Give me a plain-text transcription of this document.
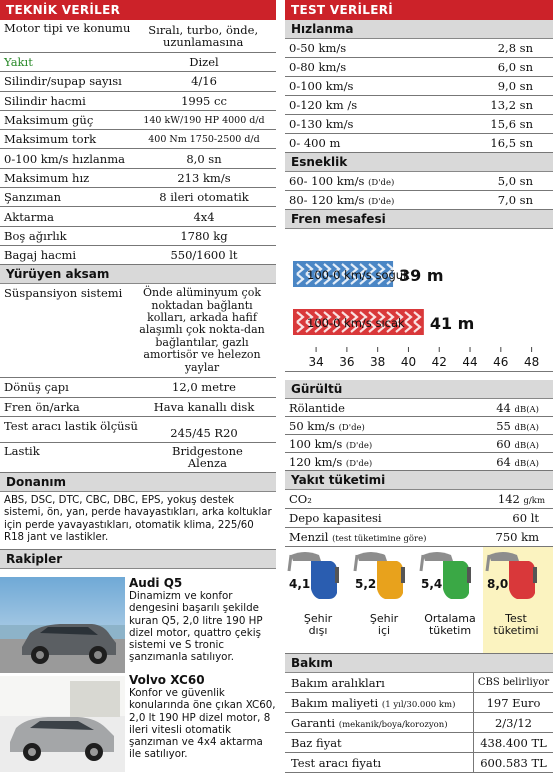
TEKNİK VERİLER
Motor tipi ve konumu	Sıralı, turbo, önde, uzunlamasına
Yakıt	Dizel
Silindir/supap sayısı	4/16
Silindir hacmi	1995 cc
Maksimum güç	140 kW/190 HP 4000 d/d
Maksimum tork	400 Nm 1750-2500 d/d
0-100 km/s hızlanma	8,0 sn
Maksimum hız	213 km/s
Şanzıman	8 ileri otomatik
Aktarma	4x4
Boş ağırlık	1780 kg
Bagaj hacmi	550/1600 lt
Yürüyen aksam
Süspansiyon sistemi	Önde alüminyum çok noktadan bağlantı kolları, arkada hafif alaşımlı çok nokta-dan bağlantılar, gazlı amortisör ve helezon yaylar
Dönüş çapı	12,0 metre
Fren ön/arka	Hava kanallı disk
Test aracı lastik ölçüsü	245/45 R20
Lastik	Bridgestone Alenza
Donanım
ABS, DSC, DTC, CBC, DBC, EPS, yokuş destek sistemi, ön, yan, perde havayastıkları, arka koltuklar için perde yavayastıkları, otomatik klima, 225/60 R18 jant ve lastikler.
Rakipler
Audi Q5
Dinamizm ve konfor dengesini başarılı şekilde kuran Q5, 2,0 litre 190 HP dizel motor, quattro çekiş sistemi ve S tronic şanzımanla satılıyor.
Volvo XC60
Konfor ve güvenlik konularında öne çıkan XC60, 2,0 lt 190 HP dizel motor, 8 ileri vitesli otomatik şanzıman ve 4x4 aktarma ile satılıyor.
TEST VERİLERİ
Hızlanma
0-50 km/s	2,8 sn
0-80 km/s	6,0 sn
0-100 km/s	9,0 sn
0-120 km /s	13,2 sn
0-130 km/s	15,6 sn
0- 400 m	16,5 sn
Esneklik
60- 100 km/s (D'de)	5,0 sn
80- 120 km/s (D'de)	7,0 sn
Fren mesafesi
100-0 km/s soğuk
39 m
100-0 km/s sıcak 41 m
34 36 38 40 42 44 46 48
Gürültü
Rölantide	44 dB(A)
50 km/s (D'de)	55 dB(A)
100 km/s (D'de)	60 dB(A)
120 km/s (D'de)	64 dB(A)
Yakıt tüketimi
CO₂	142 g/km
Depo kapasitesi	60 lt
Menzil (test tüketimine göre)	750 km
4,1
Şehir dışı
5,2
Şehir içi
5,4
Ortalama tüketim
8,0
Test tüketimi
Bakım
Bakım aralıkları	CBS belirliyor
Bakım maliyeti (1 yıl/30.000 km)	197 Euro
Garanti (mekanik/boya/korozyon)	2/3/12
Baz fiyat	438.400 TL
Test aracı fiyatı	600.583 TL
